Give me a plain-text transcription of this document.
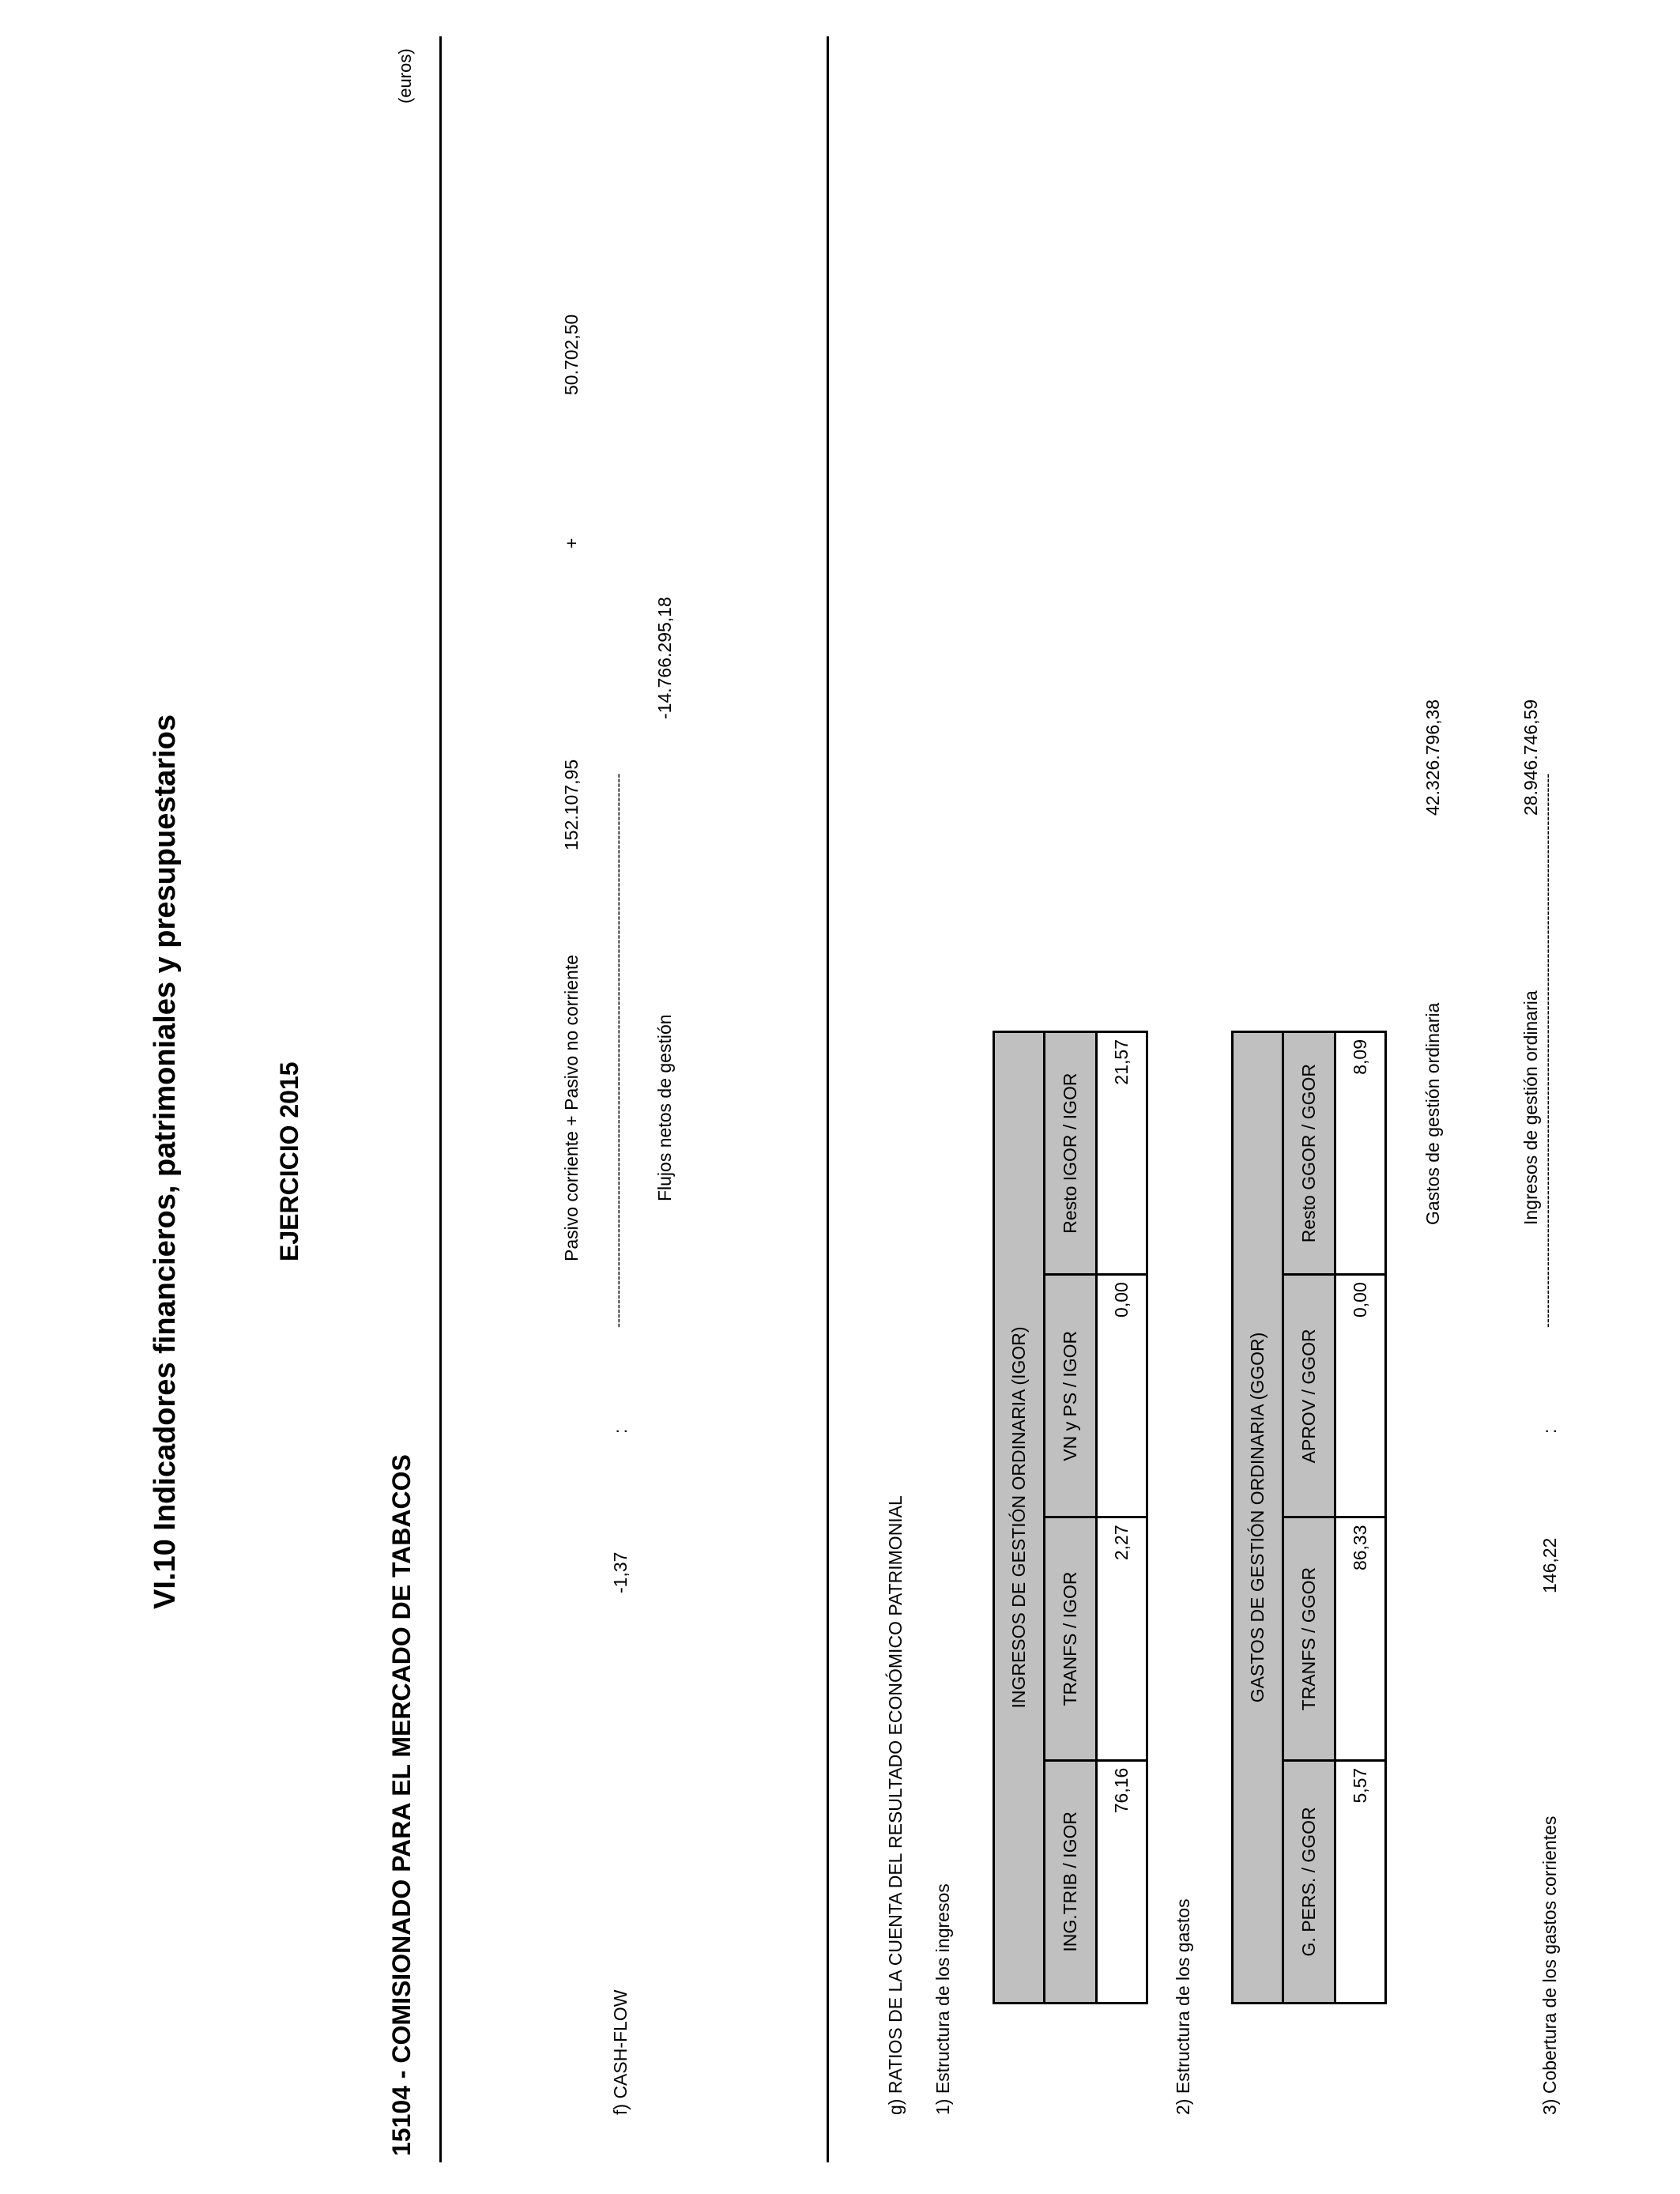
VI.10 Indicadores financieros, patrimoniales y presupuestarios	EJERCICIO 2015
15104 - COMISIONADO PARA EL MERCADO DE TABACOS
(euros)
f) CASH-FLOW
-1,37
:
Pasivo corriente + Pasivo no corriente
152.107,95
+
50.702,50
--------------------------------------------------------------------------------------------------------------------- Flujos netos de gestión
-14.766.295,18
g) RATIOS DE LA CUENTA DEL RESULTADO ECONÓMICO PATRIMONIAL 1) Estructura de los ingresos
INGRESOS DE GESTIÓN ORDINARIA (IGOR)			
ING.TRIB / IGOR	TRANFS / IGOR	VN y PS / IGOR	Resto IGOR / IGOR
76,16	2,27	0,00	21,57
2) Estructura de los gastos
GASTOS DE GESTIÓN ORDINARIA (GGOR)			
G. PERS. / GGOR	TRANFS / GGOR	APROV / GGOR	Resto GGOR / GGOR
5,57	86,33	0,00	8,09
3) Cobertura de los gastos corrientes
146,22
:
Gastos de gestión ordinaria
42.326.796,38
---------------------------------------------------------------------------------------------------------------------
Ingresos de gestión ordinaria
28.946.746,59
